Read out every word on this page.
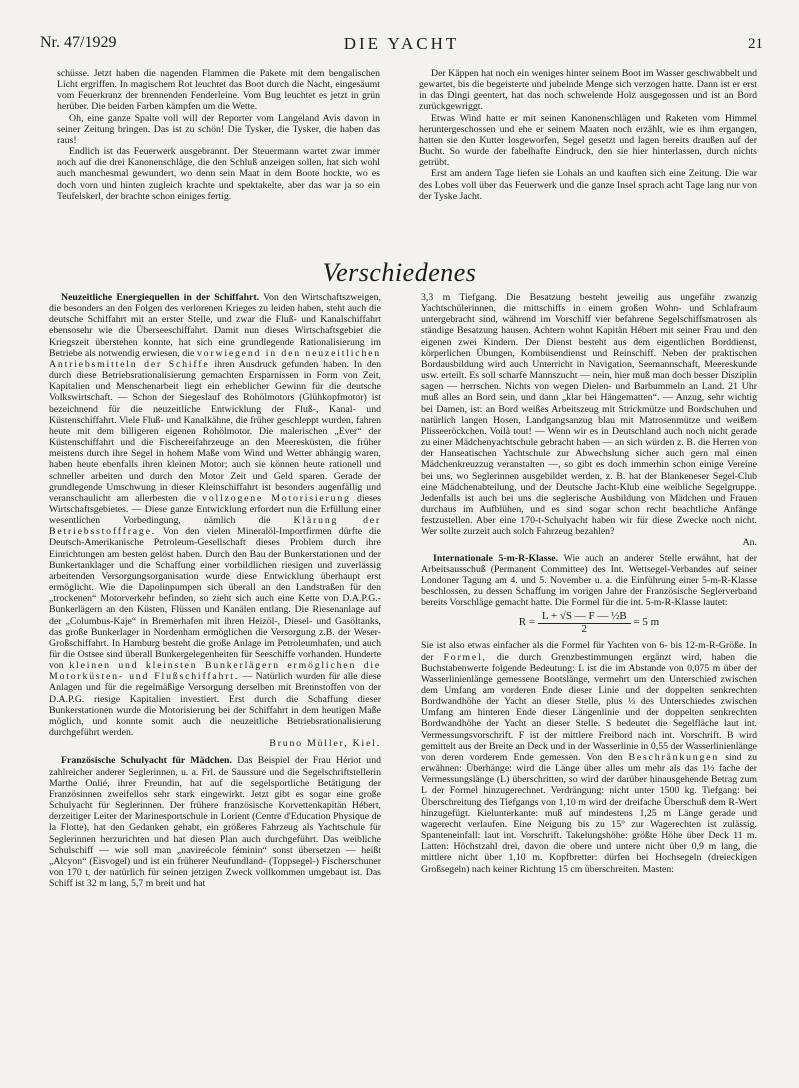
Nr. 47/1929	DIE YACHT	21

schüsse. Jetzt haben die nagenden Flammen die Pakete mit dem bengalischen Licht ergriffen. In magischem Rot leuchtet das Boot durch die Nacht, eingesäumt vom Feuerkranz der brennenden Fenderleine. Vom Bug leuchtet es jetzt in grün herüber. Die beiden Farben kämpfen um die Wette.

Oh, eine ganze Spalte voll will der Reporter vom Langeland Avis davon in seiner Zeitung bringen. Das ist zu schön! Die Tysker, die Tysker, die haben das raus!

Endlich ist das Feuerwerk ausgebrannt. Der Steuermann wartet zwar immer noch auf die drei Kanonenschläge, die den Schluß anzeigen sollen, hat sich wohl auch manchesmal gewundert, wo denn sein Maat in dem Boote hockte, wo es doch vorn und hinten zugleich krachte und spektakelte, aber das war ja so ein Teufelskerl, der brachte schon einiges fertig.

Der Käppen hat noch ein weniges hinter seinem Boot im Wasser geschwabbelt und gewartet, bis die begeisterte und jubelnde Menge sich verzogen hatte. Dann ist er erst in das Dingi geentert, hat das noch schwelende Holz ausgegossen und ist an Bord zurückgewriggt.

Etwas Wind hatte er mit seinen Kanonenschlägen und Raketen vom Himmel heruntergeschossen und ehe er seinem Maaten noch erzählt, wie es ihm ergangen, hatten sie den Kutter losgeworfen, Segel gesetzt und lagen bereits draußen auf der Bucht. So wurde der fabelhafte Eindruck, den sie hier hinterlassen, durch nichts getrübt.

Erst am andern Tage liefen sie Lohals an und kauften sich eine Zeitung. Die war des Lobes voll über das Feuerwerk und die ganze Insel sprach acht Tage lang nur von der Tyske Jacht.

Verschiedenes

Neuzeitliche Energiequellen in der Schiffahrt. Von den Wirtschaftszweigen, die besonders an den Folgen des verlorenen Krieges zu leiden haben, steht auch die deutsche Schiffahrt mit an erster Stelle, und zwar die Fluß- und Kanalschiffahrt ebensosehr wie die Überseeschiffahrt. Damit nun dieses Wirtschaftsgebiet die Kriegszeit überstehen konnte, hat sich eine grundlegende Rationalisierung im Betriebe als notwendig erwiesen, die vorwiegend in den neuzeitlichen Antriebsmitteln der Schiffe ihren Ausdruck gefunden haben. In den durch diese Betriebsrationalisierung gemachten Ersparnissen in Form von Zeit, Kapitalien und Menschenarbeit liegt ein erheblicher Gewinn für die deutsche Volkswirtschaft. — Schon der Siegeslauf des Rohölmotors (Glühkopfmotor) ist bezeichnend für die neuzeitliche Entwicklung der Fluß-, Kanal- und Küstenschiffahrt. Viele Fluß- und Kanalkähne, die früher geschleppt wurden, fahren heute mit dem billigeren eigenen Rohölmotor. Die malerischen „Ever“ der Küstenschiffahrt und die Fischereifahrzeuge an den Meeresküsten, die früher meistens durch ihre Segel in hohem Maße vom Wind und Wetter abhängig waren, haben heute ebenfalls ihren kleinen Motor; auch sie können heute rationell und schneller arbeiten und durch den Motor Zeit und Geld sparen. Gerade der grundlegende Umschwung in dieser Kleinschiffahrt ist besonders augenfällig und veranschaulicht am allerbesten die vollzogene Motorisierung dieses Wirtschaftsgebietes. — Diese ganze Entwicklung erfordert nun die Erfüllung einer wesentlichen Vorbedingung, nämlich die Klärung der Betriebsstofffrage. Von den vielen Mineralöl-Importfirmen dürfte die Deutsch-Amerikanische Petroleum-Gesellschaft dieses Problem durch ihre Einrichtungen am besten gelöst haben. Durch den Bau der Bunkerstationen und der Bunkertanklager und die Schaffung einer vorbildlichen riesigen und zuverlässig arbeitenden Versorgungsorganisation wurde diese Entwicklung überhaupt erst ermöglicht. Wie die Dapolinpumpen sich überall an den Landstraßen für den „trockenen“ Motorverkehr befinden, so zieht sich auch eine Kette von D.A.P.G.-Bunkerlägern an den Küsten, Flüssen und Kanälen entlang. Die Riesenanlage auf der „Columbus-Kaje“ in Bremerhafen mit ihren Heizöl-, Diesel- und Gasöltanks, das große Bunkerlager in Nordenham ermöglichen die Versorgung z.B. der Weser-Großschiffahrt. In Hamburg besteht die große Anlage im Petroleumhafen, und auch für die Ostsee sind überall Bunkergelegenheiten für Seeschiffe vorhanden. Hunderte von kleinen und kleinsten Bunkerlägern ermöglichen die Motorküsten- und Flußschiffahrt. — Natürlich wurden für alle diese Anlagen und für die regelmäßige Versorgung derselben mit Brennstoffen von der D.A.P.G. riesige Kapitalien investiert. Erst durch die Schaffung dieser Bunkerstationen wurde die Motorisierung bei der Schiffahrt in dem heutigen Maße möglich, und konnte somit auch die neuzeitliche Betriebsrationalisierung durchgeführt werden.

Bruno Müller, Kiel.

Französische Schulyacht für Mädchen. Das Beispiel der Frau Hériot und zahlreicher anderer Seglerinnen, u. a. Frl. de Saussure und die Segelschriftstellerin Marthe Onlié, ihrer Freundin, hat auf die segelsportliche Betätigung der Französinnen zweifellos sehr stark eingewirkt. Jetzt gibt es sogar eine große Schulyacht für Seglerinnen. Der frühere französische Korvettenkapitän Hébert, derzeitiger Leiter der Marinesportschule in Lorient (Centre d'Education Physique de la Flotte), hat den Gedanken gehabt, ein größeres Fahrzeug als Yachtschule für Seglerinnen herzurichten und hat diesen Plan auch durchgeführt. Das weibliche Schulschiff — wie soll man „navireécole féminin“ sonst übersetzen — heißt „Alcyon“ (Eisvogel) und ist ein früherer Neufundland- (Toppsegel-) Fischerschuner von 170 t, der natürlich für seinen jetzigen Zweck vollkommen umgebaut ist. Das Schiff ist 32 m lang, 5,7 m breit und hat

3,3 m Tiefgang. Die Besatzung besteht jeweilig aus ungefähr zwanzig Yachtschülerinnen, die mittschiffs in einem großen Wohn- und Schlafraum untergebracht sind, während im Vorschiff vier befahrene Segelschiffsmatrosen als ständige Besatzung hausen. Achtern wohnt Kapitän Hébert mit seiner Frau und den eigenen zwei Kindern. Der Dienst besteht aus dem eigentlichen Borddienst, körperlichen Übungen, Kombüsendienst und Reinschiff. Neben der praktischen Bordausbildung wird auch Unterricht in Navigation, Seemannschaft, Meereskunde usw. erteilt. Es soll scharfe Mannszucht — nein, hier muß man doch besser Disziplin sagen — herrschen. Nichts von wegen Dielen- und Barbummeln an Land. 21 Uhr muß alles an Bord sein, und dann „klar bei Hängematten“. — Anzug, sehr wichtig bei Damen, ist: an Bord weißes Arbeitszeug mit Strickmütze und Bordschuhen und natürlich langen Hosen, Landgangsanzug blau mit Matrosenmütze und weißem Plisseeröckchen. Voilà tout! — Wenn wir es in Deutschland auch noch nicht gerade zu einer Mädchenyachtschule gebracht haben — an sich würden z. B. die Herren von der Hanseatischen Yachtschule zur Abwechslung sicher auch gern mal einen Mädchenkreuzzug veranstalten —, so gibt es doch immerhin schon einige Vereine bei uns, wo Seglerinnen ausgebildet werden, z. B. hat der Blankeneser Segel-Club eine Mädchenabteilung, und der Deutsche Jacht-Klub eine weibliche Segelgruppe. Jedenfalls ist auch bei uns die seglerische Ausbildung von Mädchen und Frauen durchaus im Aufblühen, und es sind sogar schon recht beachtliche Anfänge festzustellen. Aber eine 170-t-Schulyacht haben wir für diese Zwecke noch nicht. Wer sollte zurzeit auch solch Fahrzeug bezahlen?

An.

Internationale 5-m-R-Klasse. Wie auch an anderer Stelle erwähnt, hat der Arbeitsausschuß (Permanent Committee) des Int. Wettsegel-Verbandes auf seiner Londoner Tagung am 4. und 5. November u. a. die Einführung einer 5-m-R-Klasse beschlossen, zu dessen Schaffung im vorigen Jahre der Französische Seglerverband bereits Vorschläge gemacht hatte. Die Formel für die int. 5-m-R-Klasse lautet:

$R = \frac{\text{L + √S — F — ½B}}{2} = 5$ m

Sie ist also etwas einfacher als die Formel für Yachten von 6- bis 12-m-R-Größe. In der Formel, die durch Grenzbestimmungen ergänzt wird, haben die Buchstabenwerte folgende Bedeutung: L ist die im Abstande von 0,075 m über der Wasserlinienlänge gemessene Bootslänge, vermehrt um den Unterschied zwischen dem Umfang am vorderen Ende dieser Linie und der doppelten senkrechten Bordwandhöhe der Yacht an dieser Stelle, plus ⅓ des Unterschiedes zwischen Umfang am hinteren Ende dieser Längenlinie und der doppelten senkrechten Bordwandhöhe der Yacht an dieser Stelle. S bedeutet die Segelfläche laut int. Vermessungsvorschrift. F ist der mittlere Freibord nach int. Vorschrift. B wird gemittelt aus der Breite an Deck und in der Wasserlinie in 0,55 der Wasserlinienlänge von deren vorderem Ende gemessen. Von den Beschränkungen sind zu erwähnen: Überhänge: wird die Länge über alles um mehr als das 1½ fache der Vermessungslänge (L) überschritten, so wird der darüber hinausgehende Betrag zum L der Formel hinzugerechnet. Verdrängung: nicht unter 1500 kg. Tiefgang: bei Überschreitung des Tiefgangs von 1,10 m wird der dreifache Überschuß dem R-Wert hinzugefügt. Kielunterkante: muß auf mindestens 1,25 m Länge gerade und wagerecht verlaufen. Eine Neigung bis zu 15° zur Wagerechten ist zulässig. Spanteneinfall: laut int. Vorschrift. Takelungshöhe: größte Höhe über Deck 11 m. Latten: Höchstzahl drei, davon die obere und untere nicht über 0,9 m lang, die mittlere nicht über 1,10 m. Kopfbretter: dürfen bei Hochsegeln (dreieckigen Großsegeln) nach keiner Richtung 15 cm überschreiten. Masten:
